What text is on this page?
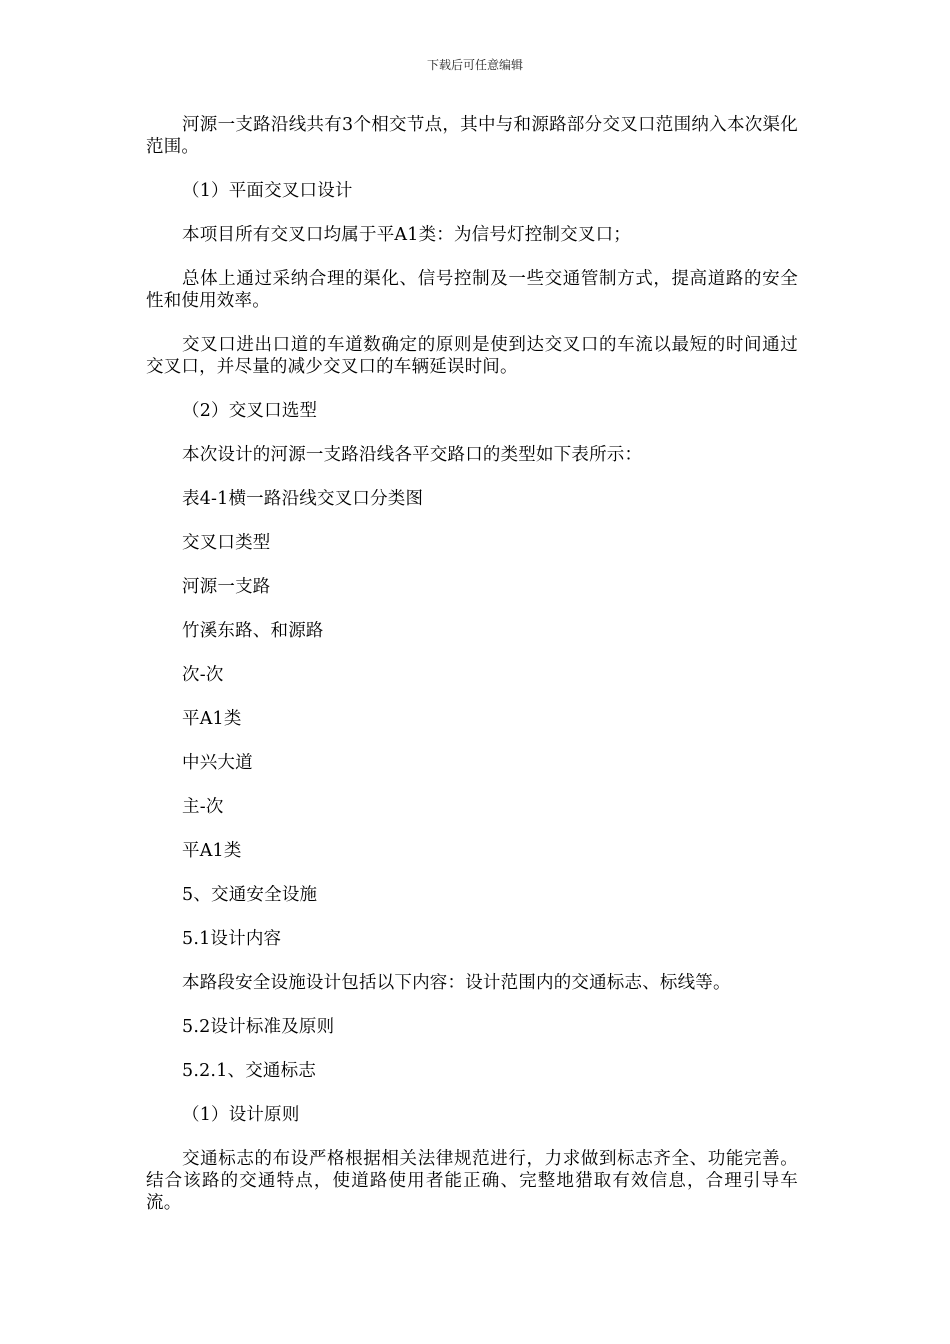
下载后可任意编辑

河源一支路沿线共有3个相交节点，其中与和源路部分交叉口范围纳入本次渠化范围。

（1）平面交叉口设计

本项目所有交叉口均属于平A1类：为信号灯控制交叉口；

总体上通过采纳合理的渠化、信号控制及一些交通管制方式，提高道路的安全性和使用效率。

交叉口进出口道的车道数确定的原则是使到达交叉口的车流以最短的时间通过交叉口，并尽量的减少交叉口的车辆延误时间。

（2）交叉口选型

本次设计的河源一支路沿线各平交路口的类型如下表所示：

表4-1横一路沿线交叉口分类图

交叉口类型

河源一支路

竹溪东路、和源路

次-次

平A1类

中兴大道

主-次

平A1类

5、交通安全设施

5.1设计内容

本路段安全设施设计包括以下内容：设计范围内的交通标志、标线等。

5.2设计标准及原则

5.2.1、交通标志

（1）设计原则

交通标志的布设严格根据相关法律规范进行，力求做到标志齐全、功能完善。结合该路的交通特点，使道路使用者能正确、完整地猎取有效信息，合理引导车流。
